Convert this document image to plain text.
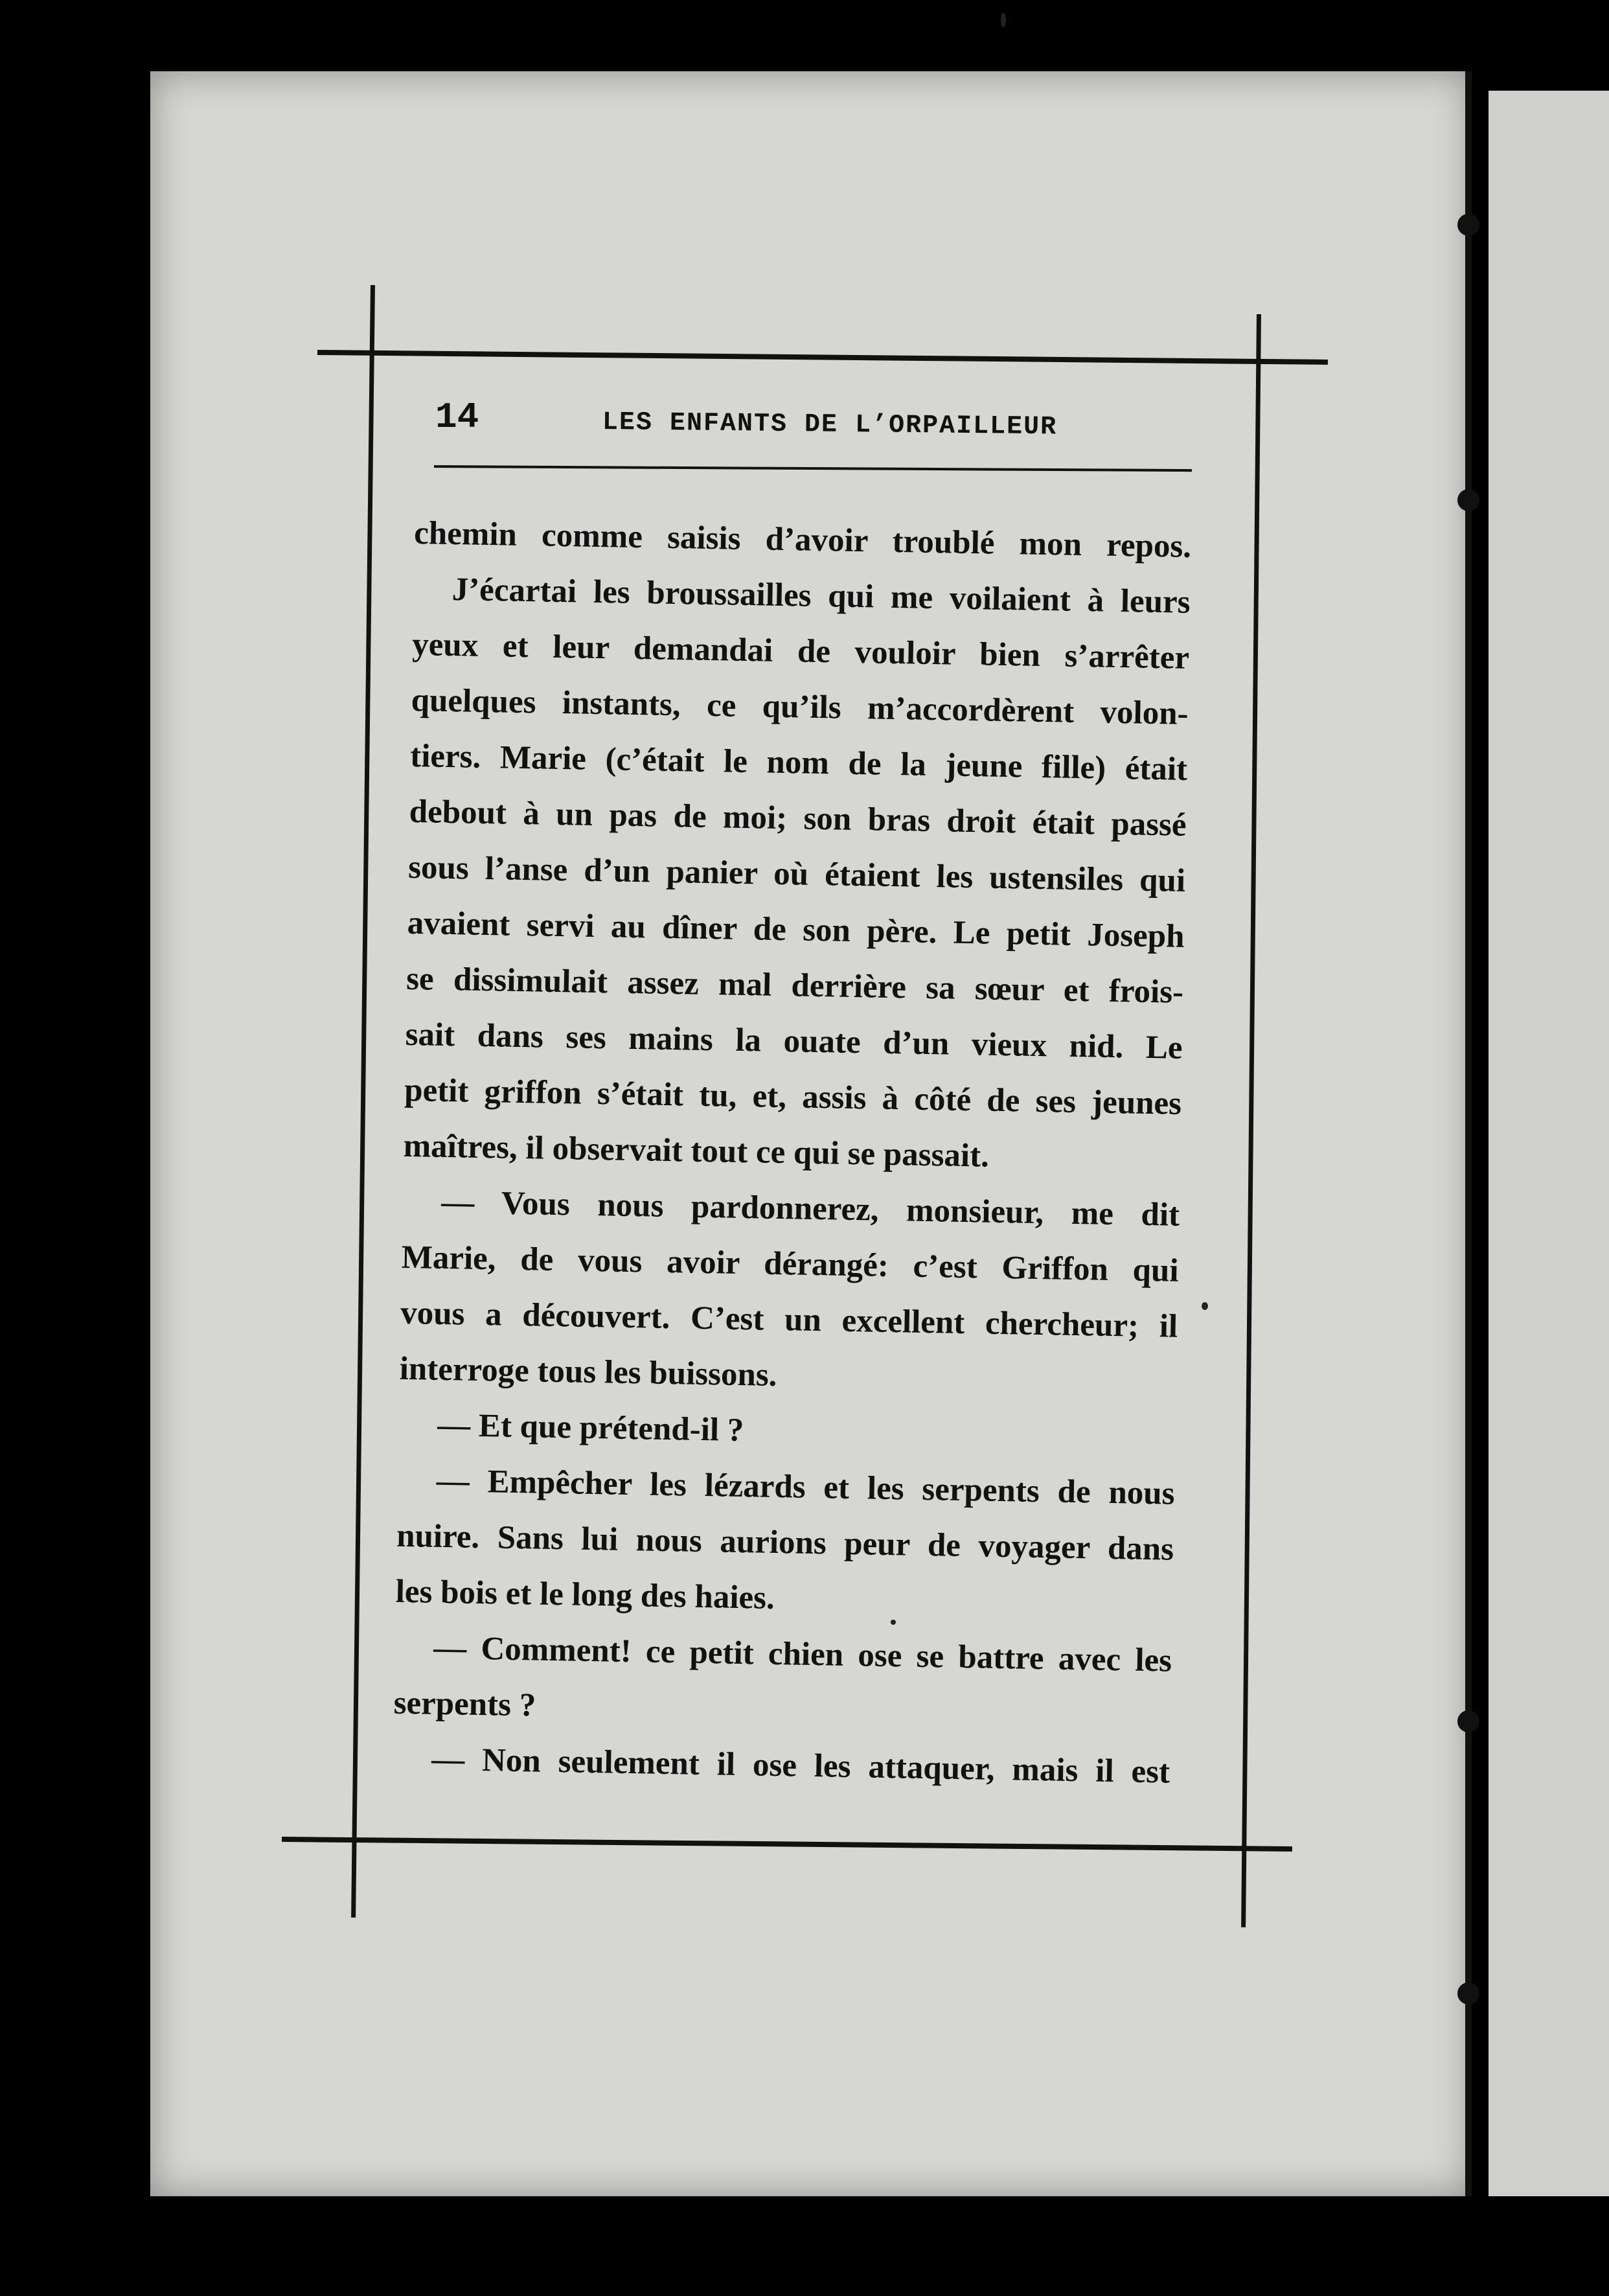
14	LES ENFANTS DE L’ORPAILLEUR
chemin comme saisis d’avoir troublé mon repos.
J’écartai les broussailles qui me voilaient à leurs
yeux et leur demandai de vouloir bien s’arrêter
quelques instants, ce qu’ils m’accordèrent volon-
tiers. Marie (c’était le nom de la jeune fille) était
debout à un pas de moi; son bras droit était passé
sous l’anse d’un panier où étaient les ustensiles qui
avaient servi au dîner de son père. Le petit Joseph
se dissimulait assez mal derrière sa sœur et frois-
sait dans ses mains la ouate d’un vieux nid. Le
petit griffon s’était tu, et, assis à côté de ses jeunes
maîtres, il observait tout ce qui se passait.
— Vous nous pardonnerez, monsieur, me dit
Marie, de vous avoir dérangé: c’est Griffon qui
vous a découvert. C’est un excellent chercheur; il
interroge tous les buissons.
— Et que prétend-il ?
— Empêcher les lézards et les serpents de nous
nuire. Sans lui nous aurions peur de voyager dans
les bois et le long des haies.
— Comment! ce petit chien ose se battre avec les
serpents ?
— Non seulement il ose les attaquer, mais il est
